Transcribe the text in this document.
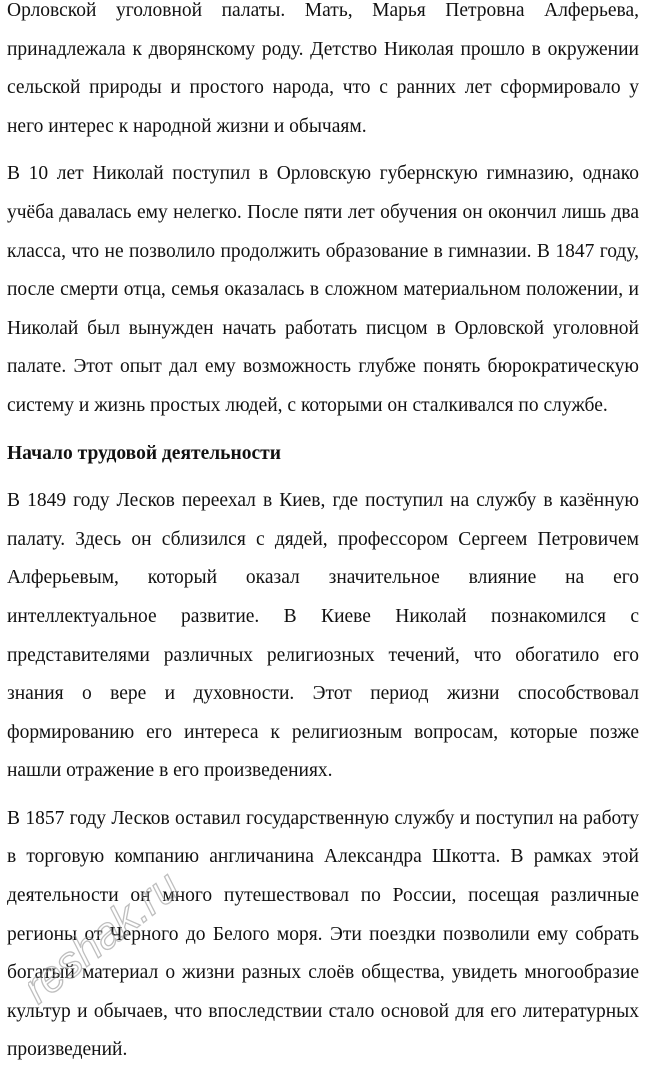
Орловской уголовной палаты. Мать, Марья Петровна Алферьева, принадлежала к дворянскому роду. Детство Николая прошло в окружении сельской природы и простого народа, что с ранних лет сформировало у него интерес к народной жизни и обычаям.

В 10 лет Николай поступил в Орловскую губернскую гимназию, однако учёба давалась ему нелегко. После пяти лет обучения он окончил лишь два класса, что не позволило продолжить образование в гимназии. В 1847 году, после смерти отца, семья оказалась в сложном материальном положении, и Николай был вынужден начать работать писцом в Орловской уголовной палате. Этот опыт дал ему возможность глубже понять бюрократическую систему и жизнь простых людей, с которыми он сталкивался по службе.

Начало трудовой деятельности

В 1849 году Лесков переехал в Киев, где поступил на службу в казённую палату. Здесь он сблизился с дядей, профессором Сергеем Петровичем Алферьевым, который оказал значительное влияние на его интеллектуальное развитие. В Киеве Николай познакомился с представителями различных религиозных течений, что обогатило его знания о вере и духовности. Этот период жизни способствовал формированию его интереса к религиозным вопросам, которые позже нашли отражение в его произведениях.

В 1857 году Лесков оставил государственную службу и поступил на работу в торговую компанию англичанина Александра Шкотта. В рамках этой деятельности он много путешествовал по России, посещая различные регионы от Черного до Белого моря. Эти поездки позволили ему собрать богатый материал о жизни разных слоёв общества, увидеть многообразие культур и обычаев, что впоследствии стало основой для его литературных произведений.

reshak.ru
